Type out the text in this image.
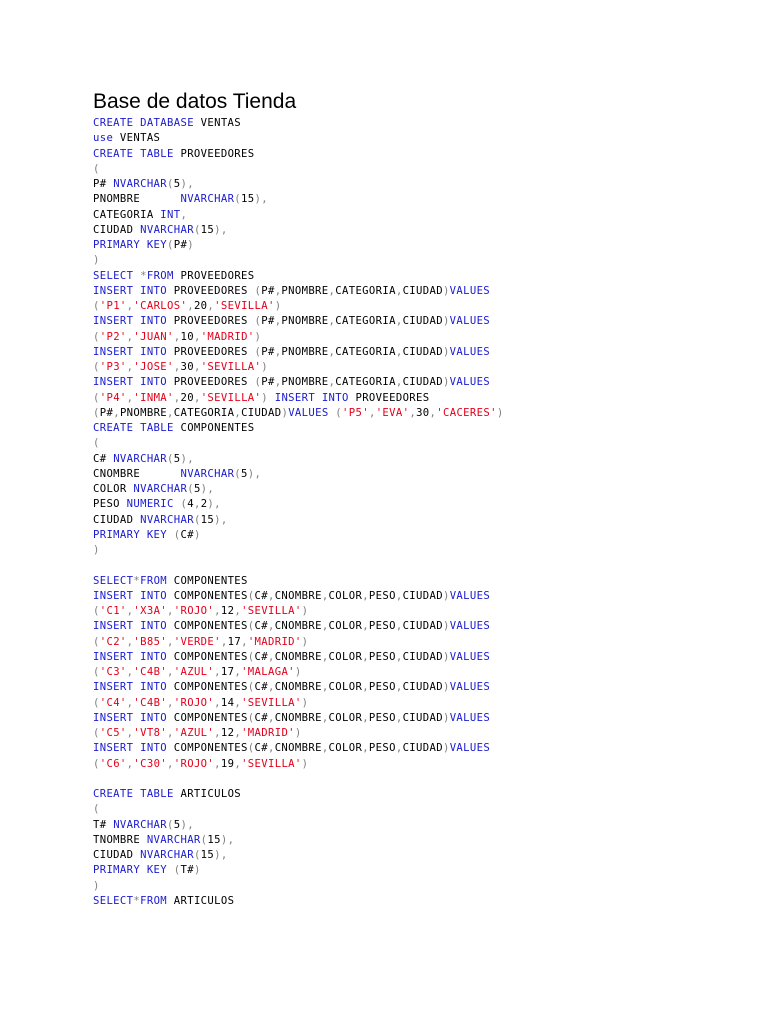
Base de datos Tienda
CREATE DATABASE VENTAS
use VENTAS
CREATE TABLE PROVEEDORES
(
P# NVARCHAR(5),
PNOMBRE      NVARCHAR(15),
CATEGORIA INT,
CIUDAD NVARCHAR(15),
PRIMARY KEY(P#)
)
SELECT *FROM PROVEEDORES
INSERT INTO PROVEEDORES (P#,PNOMBRE,CATEGORIA,CIUDAD)VALUES
('P1','CARLOS',20,'SEVILLA')
INSERT INTO PROVEEDORES (P#,PNOMBRE,CATEGORIA,CIUDAD)VALUES
('P2','JUAN',10,'MADRID')
INSERT INTO PROVEEDORES (P#,PNOMBRE,CATEGORIA,CIUDAD)VALUES
('P3','JOSE',30,'SEVILLA')
INSERT INTO PROVEEDORES (P#,PNOMBRE,CATEGORIA,CIUDAD)VALUES
('P4','INMA',20,'SEVILLA') INSERT INTO PROVEEDORES
(P#,PNOMBRE,CATEGORIA,CIUDAD)VALUES ('P5','EVA',30,'CACERES')
CREATE TABLE COMPONENTES
(
C# NVARCHAR(5),
CNOMBRE      NVARCHAR(5),
COLOR NVARCHAR(5),
PESO NUMERIC (4,2),
CIUDAD NVARCHAR(15),
PRIMARY KEY (C#)
)

SELECT*FROM COMPONENTES
INSERT INTO COMPONENTES(C#,CNOMBRE,COLOR,PESO,CIUDAD)VALUES
('C1','X3A','ROJO',12,'SEVILLA')
INSERT INTO COMPONENTES(C#,CNOMBRE,COLOR,PESO,CIUDAD)VALUES
('C2','B85','VERDE',17,'MADRID')
INSERT INTO COMPONENTES(C#,CNOMBRE,COLOR,PESO,CIUDAD)VALUES
('C3','C4B','AZUL',17,'MALAGA')
INSERT INTO COMPONENTES(C#,CNOMBRE,COLOR,PESO,CIUDAD)VALUES
('C4','C4B','ROJO',14,'SEVILLA')
INSERT INTO COMPONENTES(C#,CNOMBRE,COLOR,PESO,CIUDAD)VALUES
('C5','VT8','AZUL',12,'MADRID')
INSERT INTO COMPONENTES(C#,CNOMBRE,COLOR,PESO,CIUDAD)VALUES
('C6','C30','ROJO',19,'SEVILLA')

CREATE TABLE ARTICULOS
(
T# NVARCHAR(5),
TNOMBRE NVARCHAR(15),
CIUDAD NVARCHAR(15),
PRIMARY KEY (T#)
)
SELECT*FROM ARTICULOS
